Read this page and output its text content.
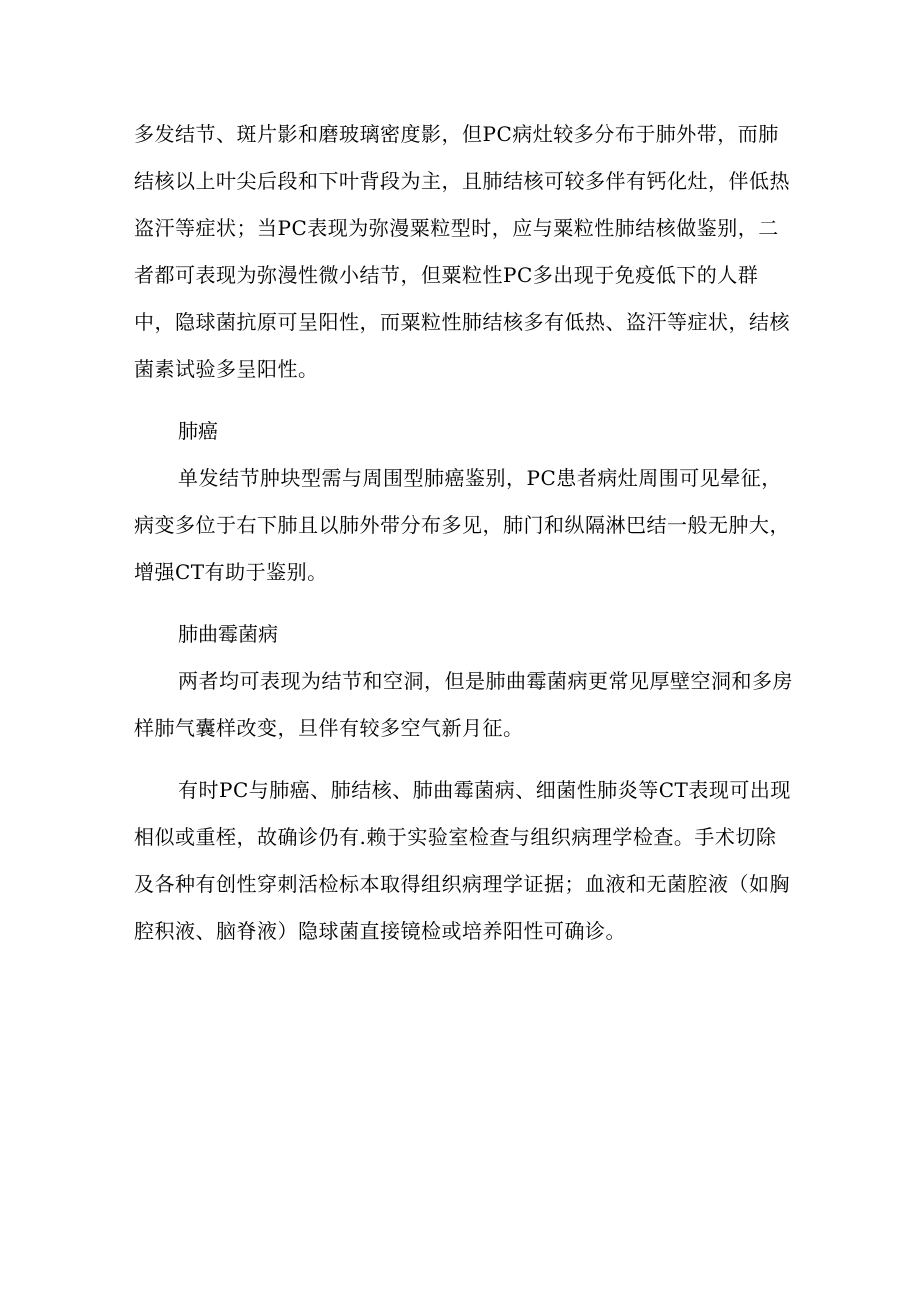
多发结节、斑片影和磨玻璃密度影，但PC病灶较多分布于肺外带，而肺结核以上叶尖后段和下叶背段为主，且肺结核可较多伴有钙化灶，伴低热盗汗等症状；当PC表现为弥漫粟粒型时，应与粟粒性肺结核做鉴别，二者都可表现为弥漫性微小结节，但粟粒性PC多出现于免疫低下的人群中，隐球菌抗原可呈阳性，而粟粒性肺结核多有低热、盗汗等症状，结核菌素试验多呈阳性。

肺癌

单发结节肿块型需与周围型肺癌鉴别，PC患者病灶周围可见晕征，病变多位于右下肺且以肺外带分布多见，肺门和纵隔淋巴结一般无肿大，增强CT有助于鉴别。

肺曲霉菌病

两者均可表现为结节和空洞，但是肺曲霉菌病更常见厚壁空洞和多房样肺气囊样改变，旦伴有较多空气新月征。

有时PC与肺癌、肺结核、肺曲霉菌病、细菌性肺炎等CT表现可出现相似或重桎，故确诊仍有.赖于实验室检查与组织病理学检查。手术切除及各种有创性穿刺活检标本取得组织病理学证据；血液和无菌腔液（如胸腔积液、脑脊液）隐球菌直接镜检或培养阳性可确诊。
